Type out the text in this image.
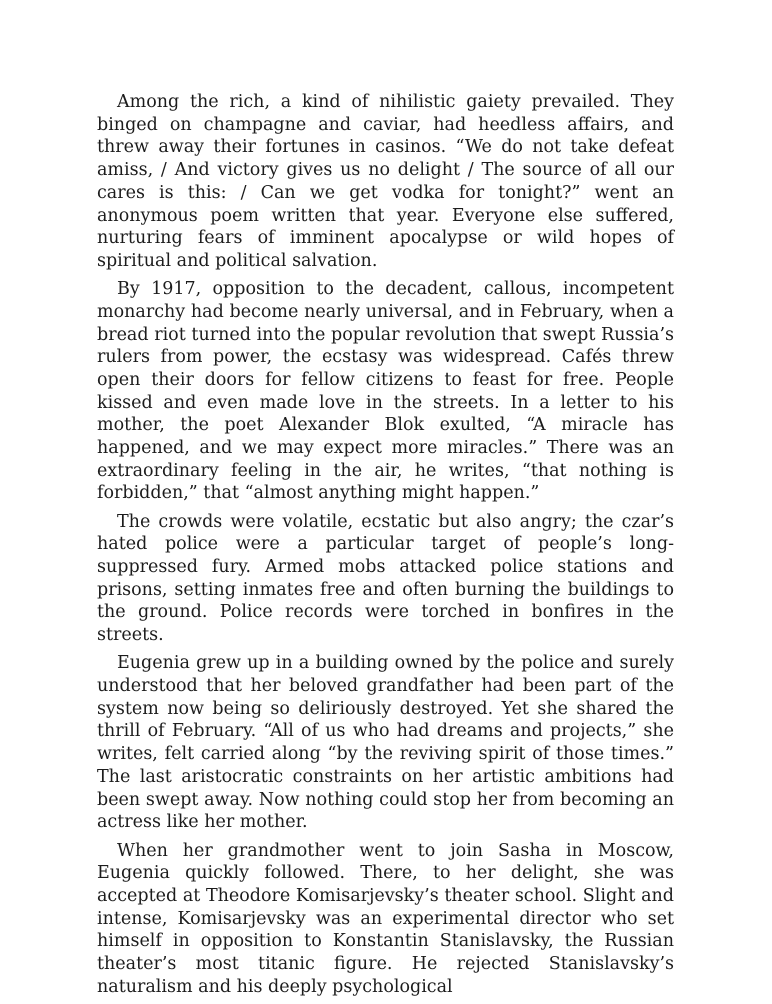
Among the rich, a kind of nihilistic gaiety prevailed. They binged on champagne and caviar, had heedless affairs, and threw away their fortunes in casinos. “We do not take defeat amiss, / And victory gives us no delight / The source of all our cares is this: / Can we get vodka for tonight?” went an anonymous poem written that year. Everyone else suffered, nurturing fears of imminent apocalypse or wild hopes of spiritual and political salvation.

By 1917, opposition to the decadent, callous, incompetent monarchy had become nearly universal, and in February, when a bread riot turned into the popular revolution that swept Russia’s rulers from power, the ecstasy was widespread. Cafés threw open their doors for fellow citizens to feast for free. People kissed and even made love in the streets. In a letter to his mother, the poet Alexander Blok exulted, “A miracle has happened, and we may expect more miracles.” There was an extraordinary feeling in the air, he writes, “that nothing is forbidden,” that “almost anything might happen.”

The crowds were volatile, ecstatic but also angry; the czar’s hated police were a particular target of people’s long-suppressed fury. Armed mobs attacked police stations and prisons, setting inmates free and often burning the buildings to the ground. Police records were torched in bonfires in the streets.

Eugenia grew up in a building owned by the police and surely understood that her beloved grandfather had been part of the system now being so deliriously destroyed. Yet she shared the thrill of February. “All of us who had dreams and projects,” she writes, felt carried along “by the reviving spirit of those times.” The last aristocratic constraints on her artistic ambitions had been swept away. Now nothing could stop her from becoming an actress like her mother.

When her grandmother went to join Sasha in Moscow, Eugenia quickly followed. There, to her delight, she was accepted at Theodore Komisarjevsky’s theater school. Slight and intense, Komisarjevsky was an experimental director who set himself in opposition to Konstantin Stanislavsky, the Russian theater’s most titanic figure. He rejected Stanislavsky’s naturalism and his deeply psychological
